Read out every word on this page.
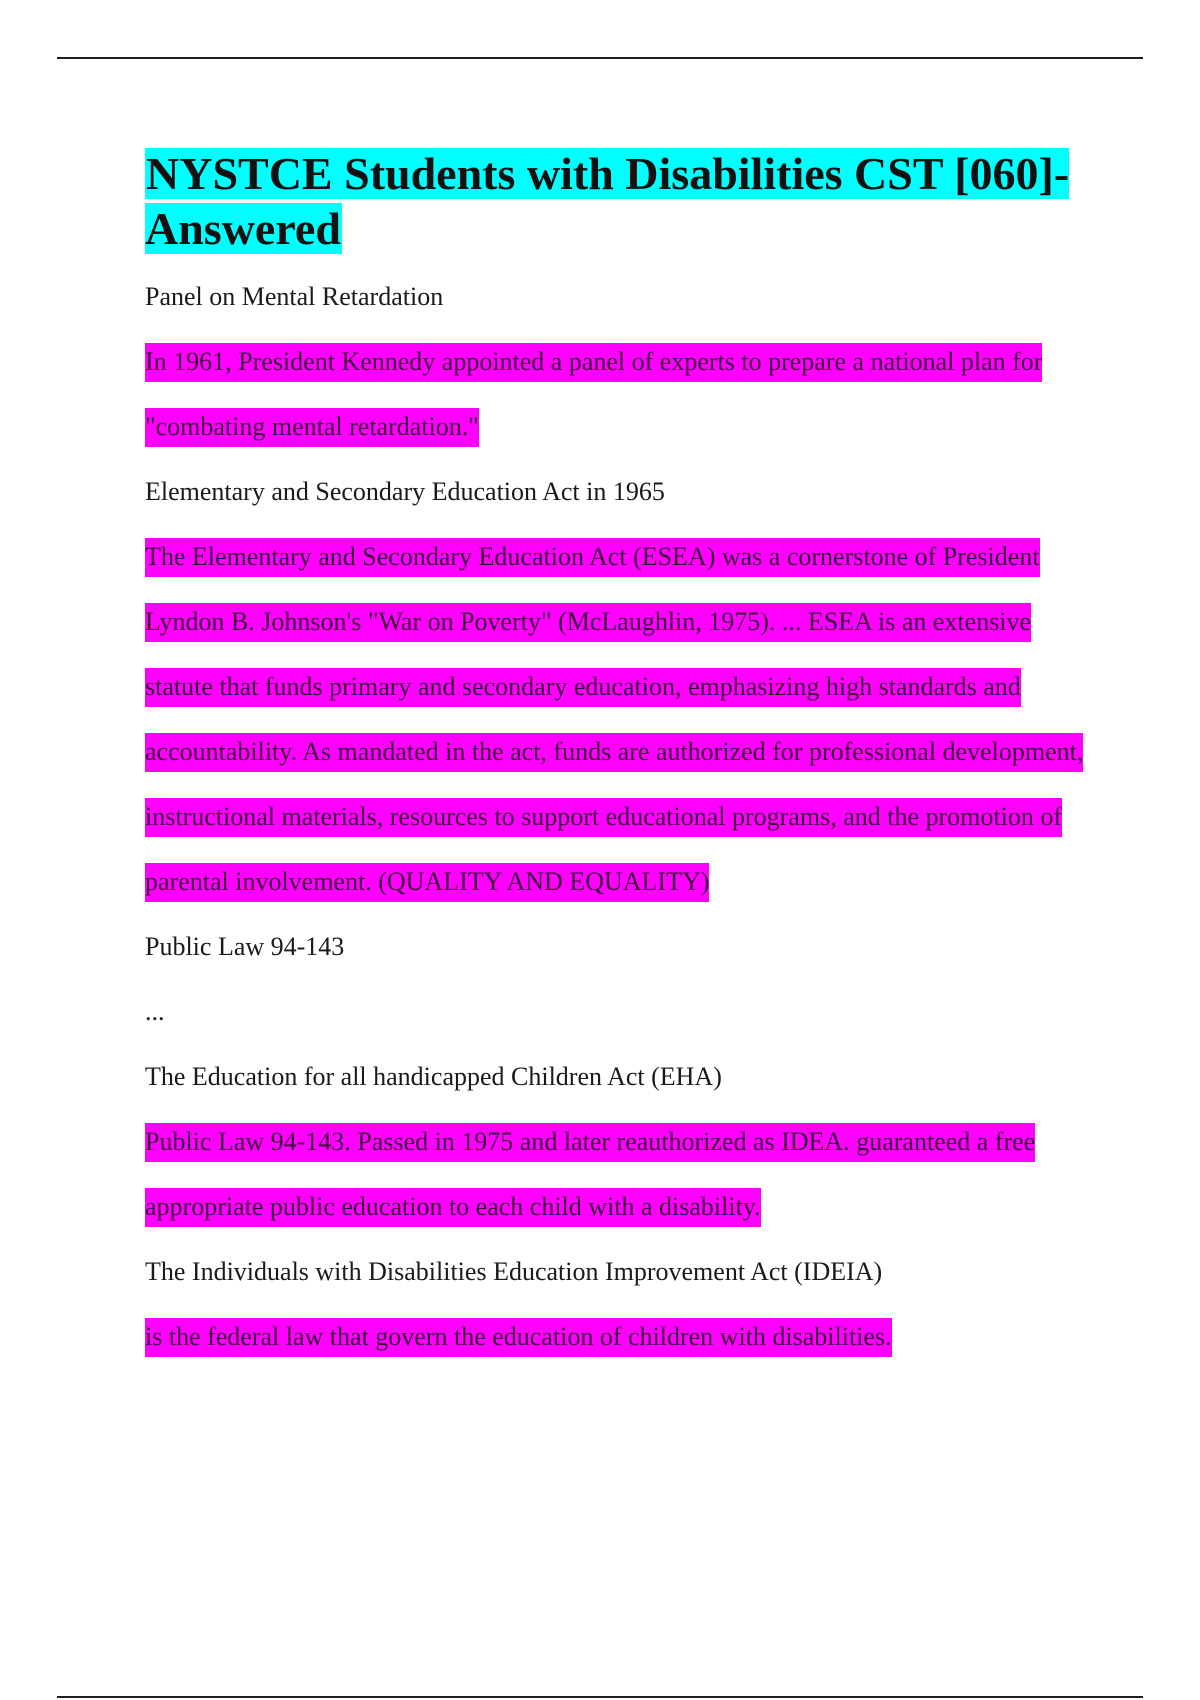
NYSTCE Students with Disabilities CST [060]- Answered

Panel on Mental Retardation

In 1961, President Kennedy appointed a panel of experts to prepare a national plan for "combating mental retardation."

Elementary and Secondary Education Act in 1965

The Elementary and Secondary Education Act (ESEA) was a cornerstone of President Lyndon B. Johnson's "War on Poverty" (McLaughlin, 1975). ... ESEA is an extensive statute that funds primary and secondary education, emphasizing high standards and accountability. As mandated in the act, funds are authorized for professional development, instructional materials, resources to support educational programs, and the promotion of parental involvement. (QUALITY AND EQUALITY)

Public Law 94-143

...

The Education for all handicapped Children Act (EHA)

Public Law 94-143. Passed in 1975 and later reauthorized as IDEA. guaranteed a free appropriate public education to each child with a disability.

The Individuals with Disabilities Education Improvement Act (IDEIA)

is the federal law that govern the education of children with disabilities.
